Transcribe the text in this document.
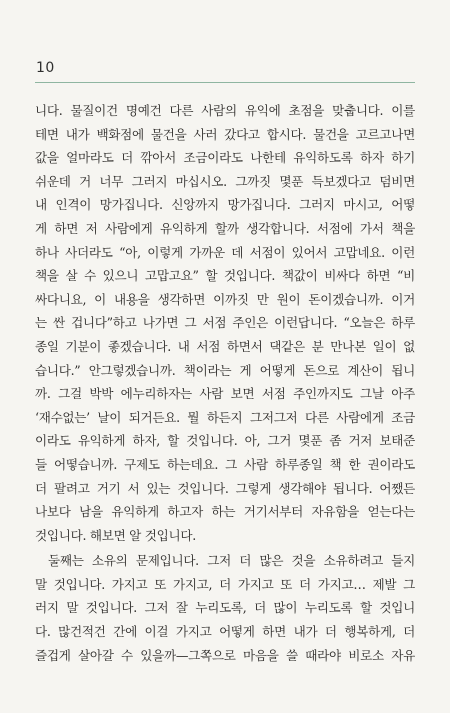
10
니다. 물질이건 명예건 다른 사람의 유익에 초점을 맞춥니다. 이를
테면 내가 백화점에 물건을 사러 갔다고 합시다. 물건을 고르고나면
값을 얼마라도 더 깎아서 조금이라도 나한테 유익하도록 하자 하기
쉬운데 거 너무 그러지 마십시오. 그까짓 몇푼 득보겠다고 덤비면
내 인격이 망가집니다. 신앙까지 망가집니다. 그러지 마시고, 어떻
게 하면 저 사람에게 유익하게 할까 생각합니다. 서점에 가서 책을
하나 사더라도 “아, 이렇게 가까운 데 서점이 있어서 고맙네요. 이런
책을 살 수 있으니 고맙고요” 할 것입니다. 책값이 비싸다 하면 “비
싸다니요, 이 내용을 생각하면 이까짓 만 원이 돈이겠습니까. 이거
는 싼 겁니다”하고 나가면 그 서점 주인은 이런답니다. “오늘은 하루
종일 기분이 좋겠습니다. 내 서점 하면서 댁같은 분 만나본 일이 없
습니다.” 안그렇겠습니까. 책이라는 게 어떻게 돈으로 계산이 됩니
까. 그걸 박박 에누리하자는 사람 보면 서점 주인까지도 그날 아주
‘재수없는’ 날이 되거든요. 뭘 하든지 그저그저 다른 사람에게 조금
이라도 유익하게 하자, 할 것입니다. 아, 그거 몇푼 좀 거저 보태준
들 어떻습니까. 구제도 하는데요. 그 사람 하루종일 책 한 권이라도
더 팔려고 거기 서 있는 것입니다. 그렇게 생각해야 됩니다. 어쨌든
나보다 남을 유익하게 하고자 하는 거기서부터 자유함을 얻는다는
것입니다. 해보면 알 것입니다.
둘째는 소유의 문제입니다. 그저 더 많은 것을 소유하려고 들지
말 것입니다. 가지고 또 가지고, 더 가지고 또 더 가지고… 제발 그
러지 말 것입니다. 그저 잘 누리도록, 더 많이 누리도록 할 것입니
다. 많건적건 간에 이걸 가지고 어떻게 하면 내가 더 행복하게, 더
즐겁게 살아갈 수 있을까—그쪽으로 마음을 쓸 때라야 비로소 자유
